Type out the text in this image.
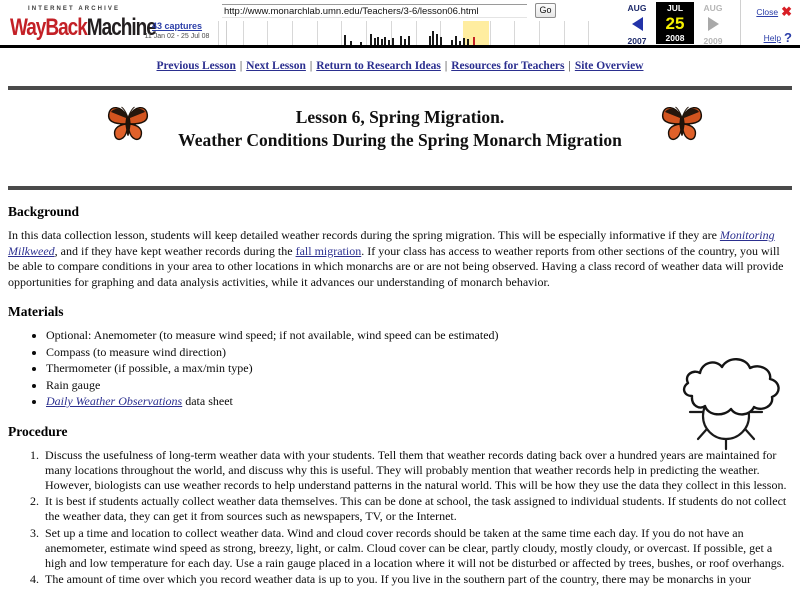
INTERNET ARCHIVE
WayBackMachine
43 captures
11 Jan 02 - 25 Jul 08
http://www.monarchlab.umn.edu/Teachers/3-6/lesson06.html
Go	AUG
2007
JUL
25
2008
AUG
2009
Close ✖
Help ?
Previous Lesson | Next Lesson | Return to Research Ideas | Resources for Teachers | Site Overview
Lesson 6, Spring Migration.
Weather Conditions During the Spring Monarch Migration
Background

In this data collection lesson, students will keep detailed weather records during the spring migration. This will be especially informative if they are Monitoring Milkweed, and if they have kept weather records during the fall migration. If your class has access to weather reports from other sections of the country, you will be able to compare conditions in your area to other locations in which monarchs are or are not being observed. Having a class record of weather data will provide opportunities for graphing and data analysis activities, while it advances our understanding of monarch behavior.

Materials
• Optional: Anemometer (to measure wind speed; if not available, wind speed can be estimated)
• Compass (to measure wind direction)
• Thermometer (if possible, a max/min type)
• Rain gauge
• Daily Weather Observations data sheet
Procedure
1. Discuss the usefulness of long-term weather data with your students. Tell them that weather records dating back over a hundred years are maintained for many locations throughout the world, and discuss why this is useful. They will probably mention that weather records help in predicting the weather. However, biologists can use weather records to help understand patterns in the natural world. This will be how they use the data they collect in this lesson.
2. It is best if students actually collect weather data themselves. This can be done at school, the task assigned to individual students. If students do not collect the weather data, they can get it from sources such as newspapers, TV, or the Internet.
3. Set up a time and location to collect weather data. Wind and cloud cover records should be taken at the same time each day. If you do not have an anemometer, estimate wind speed as strong, breezy, light, or calm. Cloud cover can be clear, partly cloudy, mostly cloudy, or overcast. If possible, get a high and low temperature for each day. Use a rain gauge placed in a location where it will not be disturbed or affected by trees, bushes, or roof overhangs.
4. The amount of time over which you record weather data is up to you. If you live in the southern part of the country, there may be monarchs in your
